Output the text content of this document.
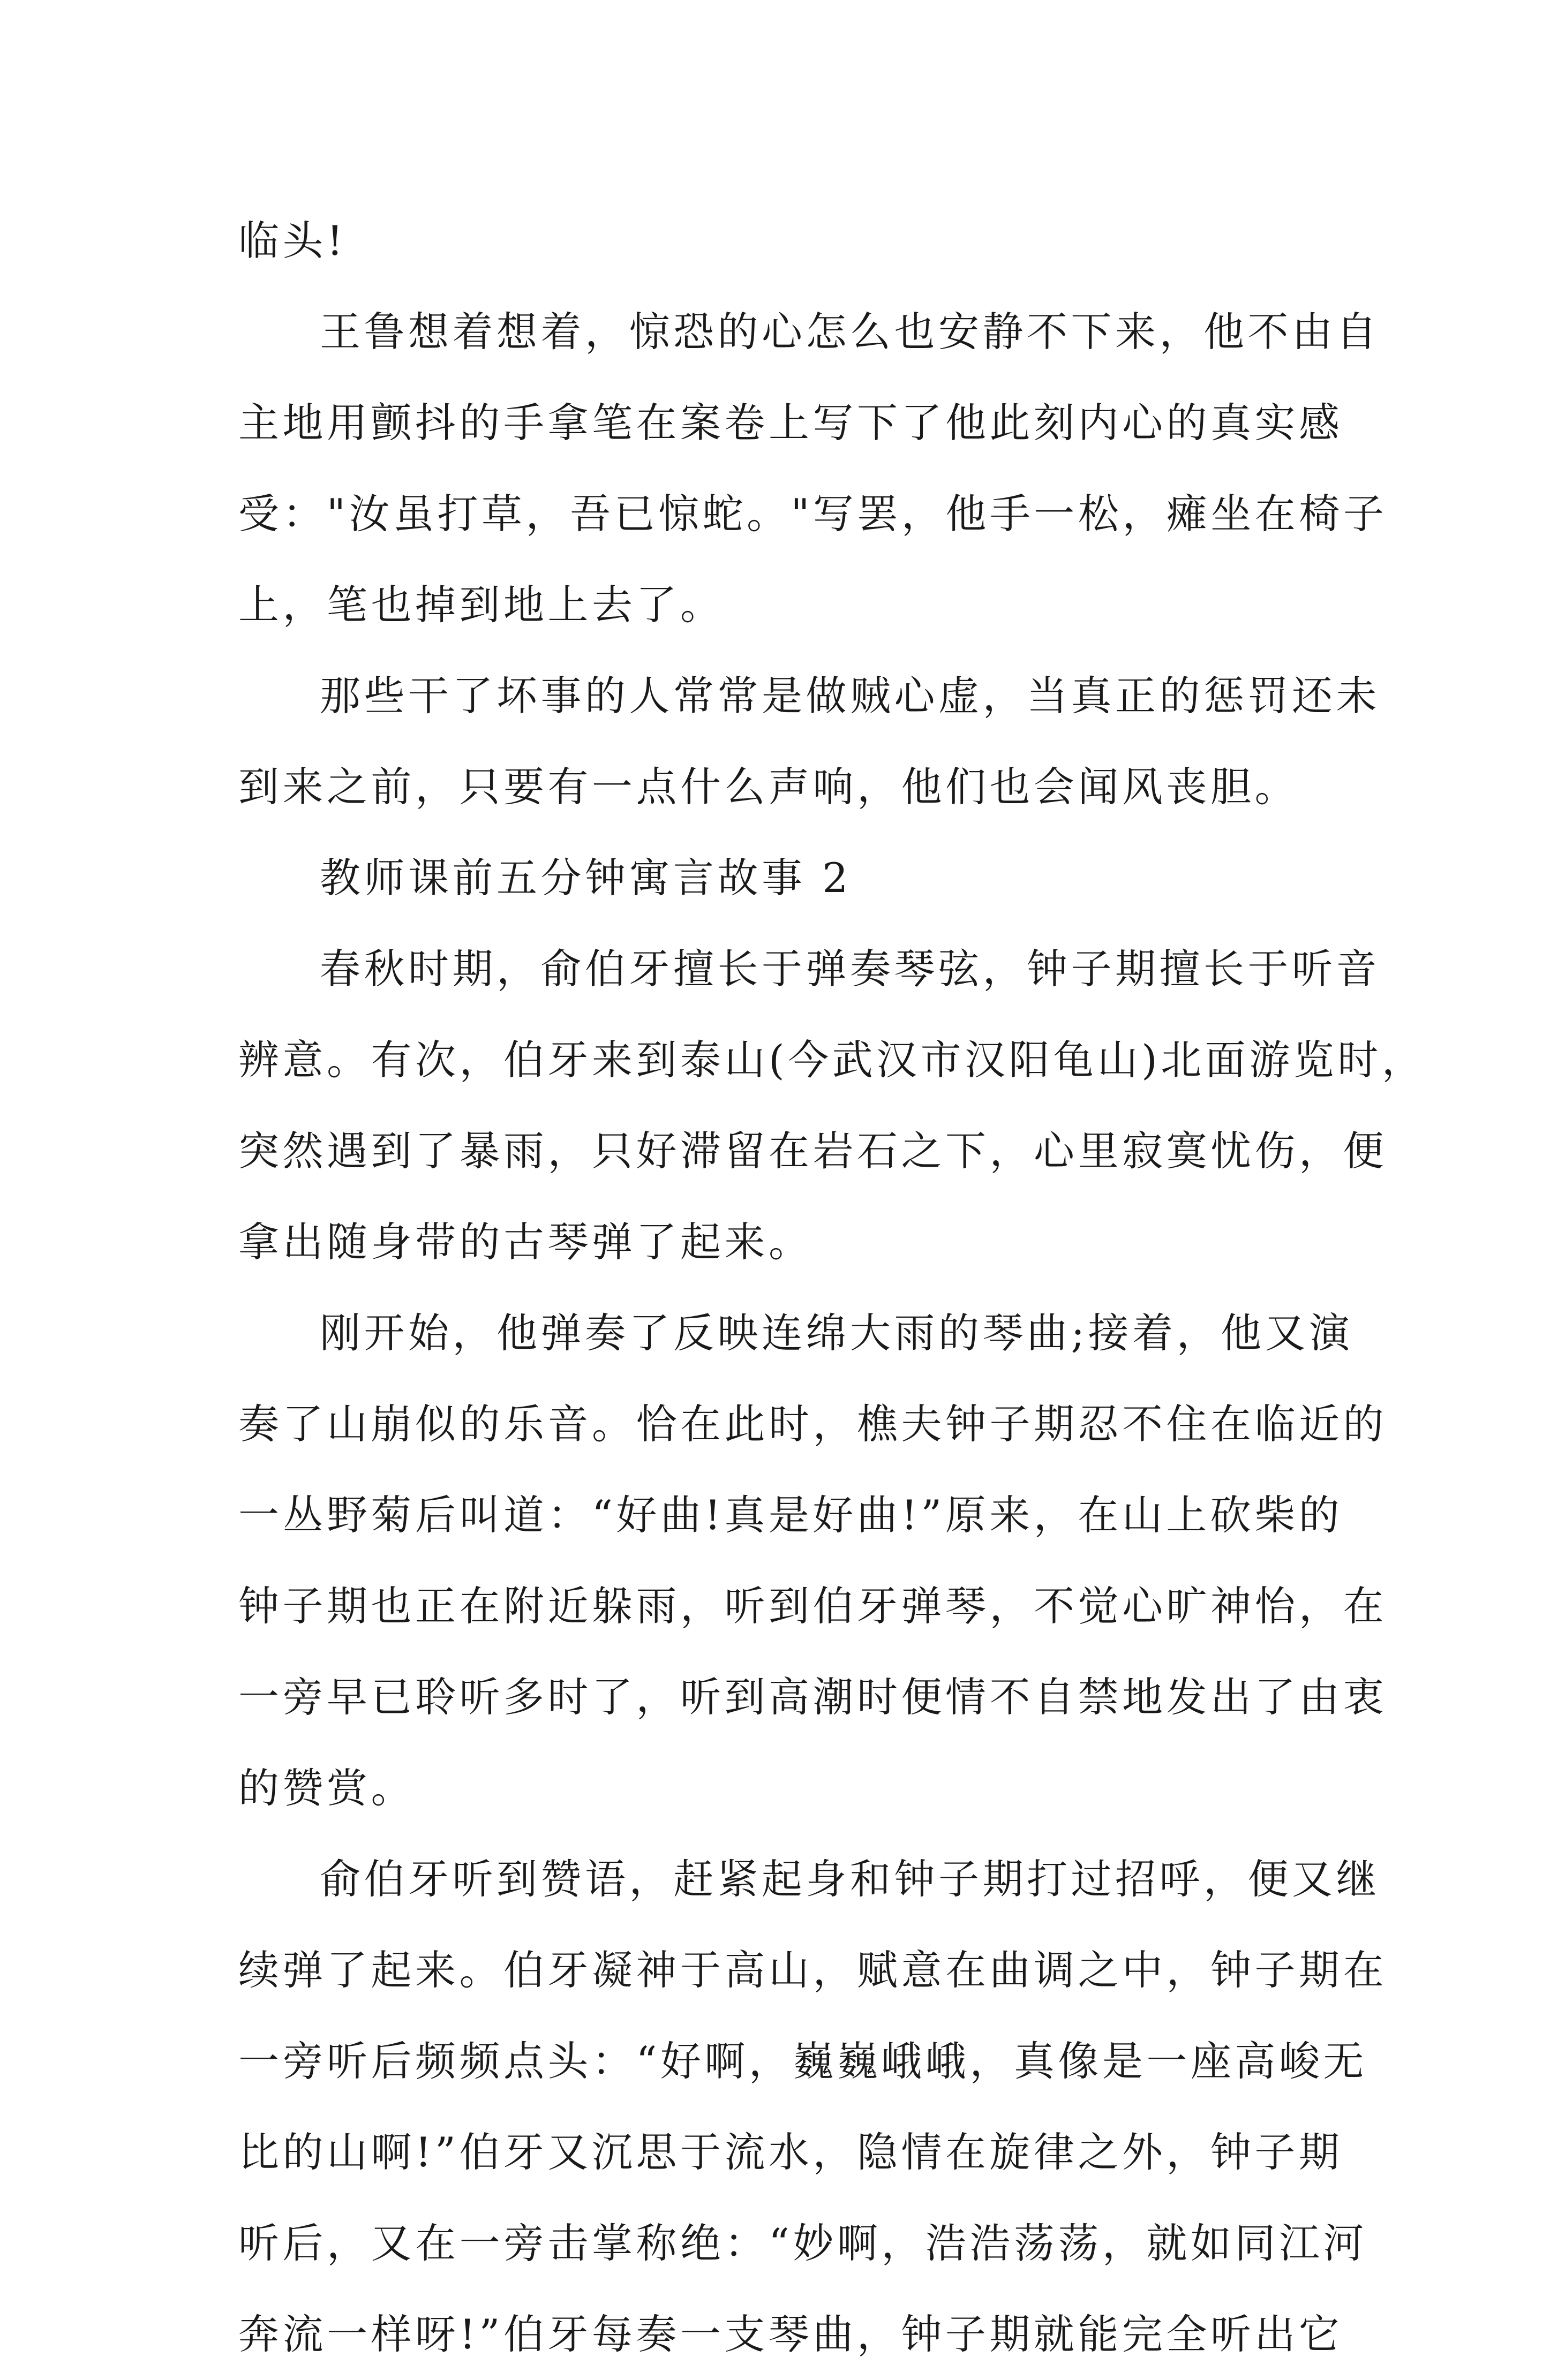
临头!
王鲁想着想着，惊恐的心怎么也安静不下来，他不由自
主地用颤抖的手拿笔在案卷上写下了他此刻内心的真实感
受："汝虽打草，吾已惊蛇。"写罢，他手一松，瘫坐在椅子
上，笔也掉到地上去了。
那些干了坏事的人常常是做贼心虚，当真正的惩罚还未
到来之前，只要有一点什么声响，他们也会闻风丧胆。
教师课前五分钟寓言故事 2
春秋时期，俞伯牙擅长于弹奏琴弦，钟子期擅长于听音
辨意。有次，伯牙来到泰山(今武汉市汉阳龟山)北面游览时，
突然遇到了暴雨，只好滞留在岩石之下，心里寂寞忧伤，便
拿出随身带的古琴弹了起来。
刚开始，他弹奏了反映连绵大雨的琴曲;接着，他又演
奏了山崩似的乐音。恰在此时，樵夫钟子期忍不住在临近的
一丛野菊后叫道：“好曲!真是好曲!”原来，在山上砍柴的
钟子期也正在附近躲雨，听到伯牙弹琴，不觉心旷神怡，在
一旁早已聆听多时了，听到高潮时便情不自禁地发出了由衷
的赞赏。
俞伯牙听到赞语，赶紧起身和钟子期打过招呼，便又继
续弹了起来。伯牙凝神于高山，赋意在曲调之中，钟子期在
一旁听后频频点头：“好啊，巍巍峨峨，真像是一座高峻无
比的山啊!”伯牙又沉思于流水，隐情在旋律之外，钟子期
听后，又在一旁击掌称绝：“妙啊，浩浩荡荡，就如同江河
奔流一样呀!”伯牙每奏一支琴曲，钟子期就能完全听出它
